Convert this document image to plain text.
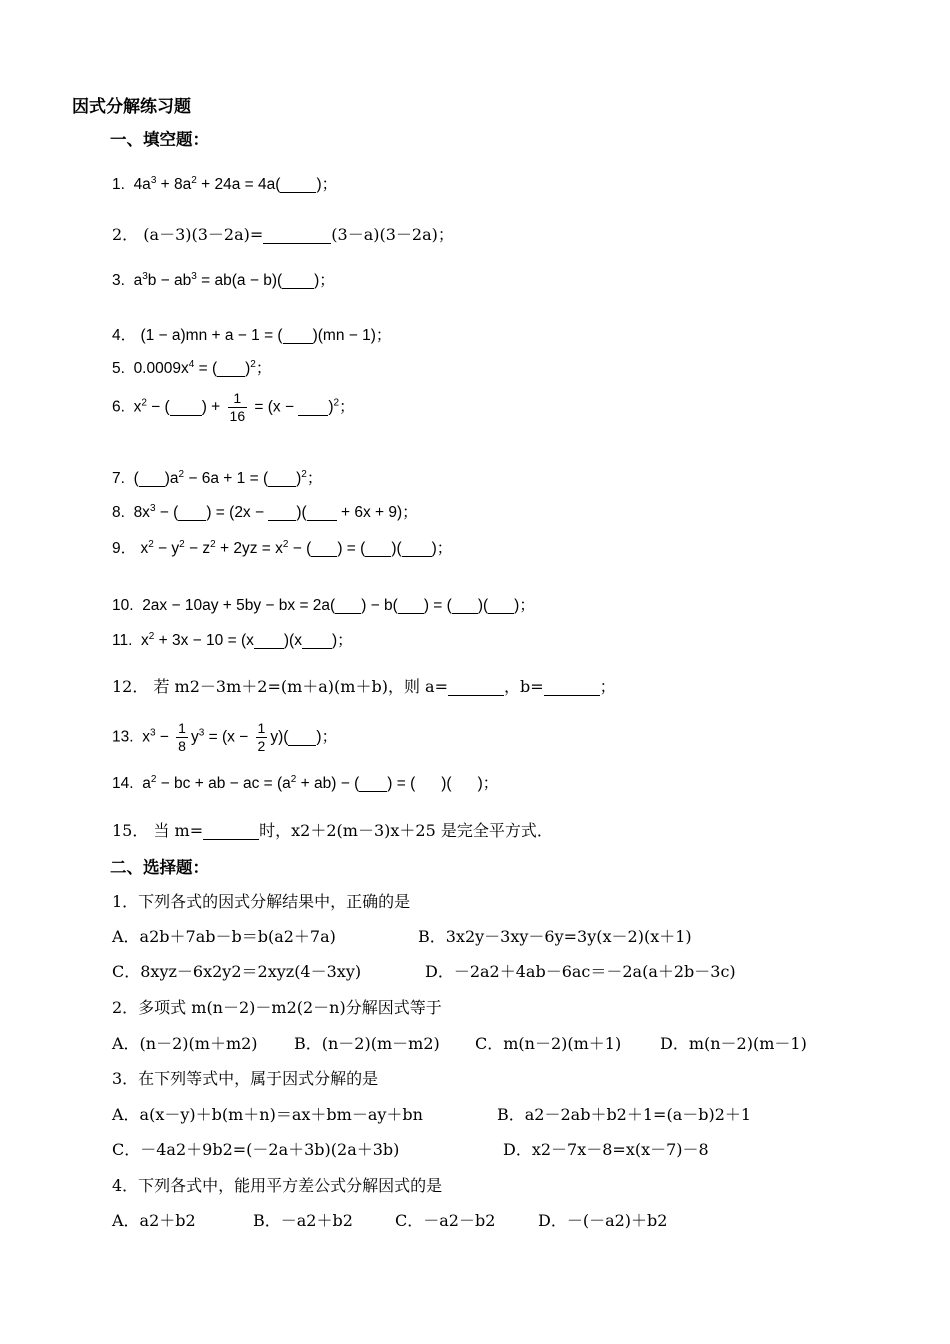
因式分解练习题
一、填空题：
1. $4a^3 + 8a^2 + 24a = 4a$( )；
2． (a－3)(3－2a)=	(3－a)(3－2a)；
3. $a^3b - ab^3 = ab(a - b)$( )；
4． (1 − a)mn + a − 1 = ( )(mn − 1)；
5. $0.0009x^4$ = ( )$^2$；
6. $x^2$ − ( ) + $\frac{1}{16} = (x - )^2$；
7. ( )$a^2 - 6a + 1$ = ( )$^2$；
8. $8x^3$ − ( ) = (2x − )( + 6x + 9)；
9． $x^2 - y^2 - z^2 + 2yz = x^2$ − ( ) = ( )( )；
10. 2ax − 10ay + 5by − bx = 2a( ) − b( ) = ( )( )；
11. $x^2 + 3x - 10 = (x$ )(x )；
12． 若 m2－3m＋2=(m＋a)(m＋b)，则 a=	，b=	；
13. $x^3 - \frac{1}{8} y^3 = (x - \frac{1}{2} y)$( )；
14. $a^2$ − bc + ab − ac = $(a^2 + ab)$ − ( ) = ( )( )；
15． 当 m=	时，x2＋2(m－3)x＋25 是完全平方式．
二、选择题：
1．下列各式的因式分解结果中，正确的是
A．a2b＋7ab－b＝b(a2＋7a)	B．3x2y－3xy－6y=3y(x－2)(x＋1)
C．8xyz－6x2y2＝2xyz(4－3xy)	D．－2a2＋4ab－6ac＝－2a(a＋2b－3c)
2．多项式 m(n－2)－m2(2－n)分解因式等于
A．(n－2)(m＋m2) B．(n－2)(m－m2) C．m(n－2)(m＋1) D．m(n－2)(m－1)
3．在下列等式中，属于因式分解的是
A．a(x－y)＋b(m＋n)＝ax＋bm－ay＋bn	B．a2－2ab＋b2＋1=(a－b)2＋1
C．－4a2＋9b2=(－2a＋3b)(2a＋3b)	D．x2－7x－8=x(x－7)－8
4．下列各式中，能用平方差公式分解因式的是
A．a2＋b2	B．－a2＋b2	C．－a2－b2	D．－(－a2)＋b2
